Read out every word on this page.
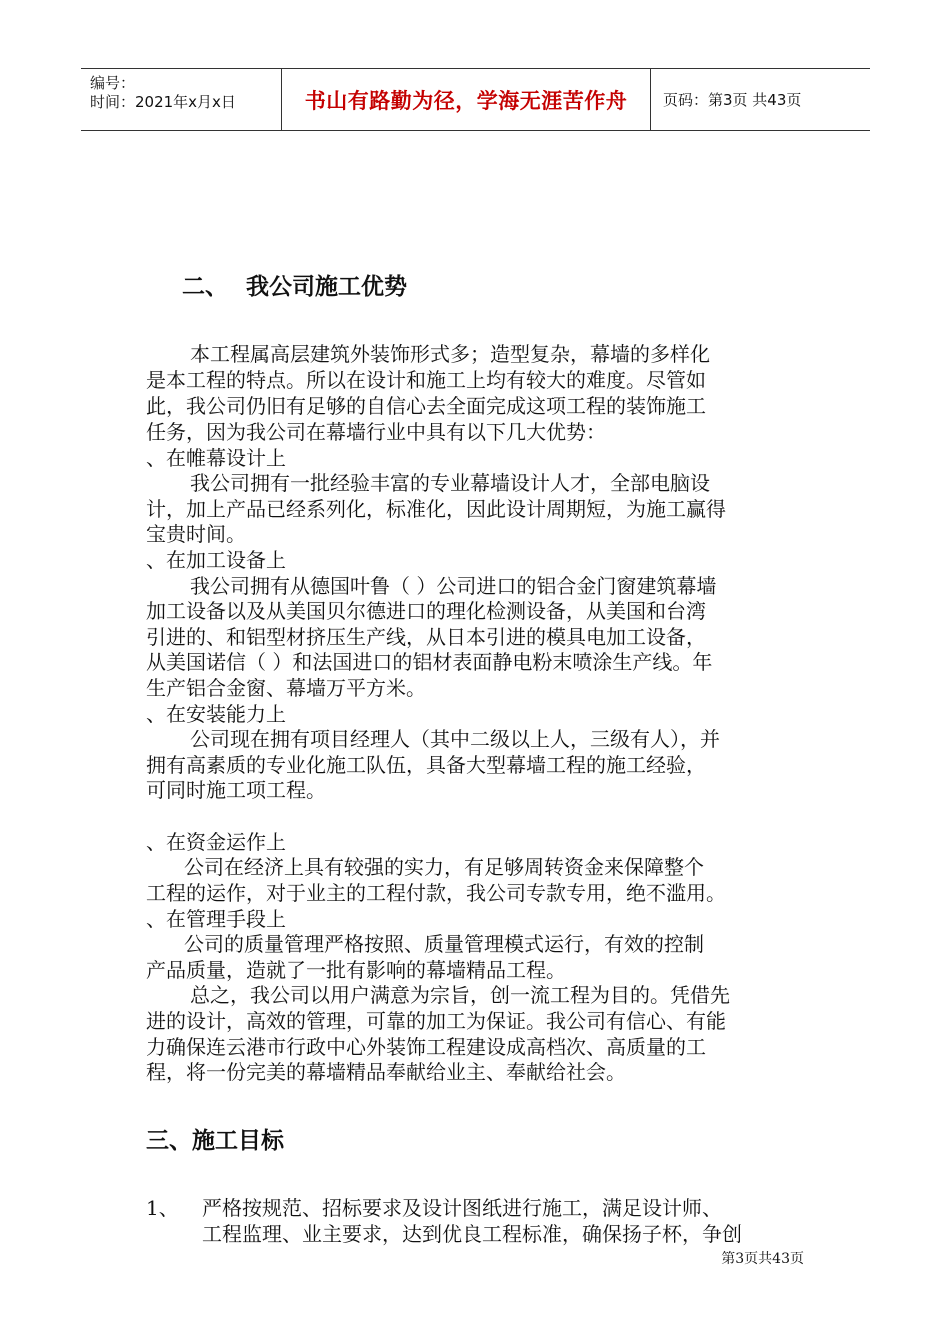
编号：
时间：2021年x月x日	书山有路勤为径，学海无涯苦作舟	页码：第3页 共43页
二、 我公司施工优势
本工程属高层建筑外装饰形式多；造型复杂，幕墙的多样化
是本工程的特点。所以在设计和施工上均有较大的难度。尽管如
此，我公司仍旧有足够的自信心去全面完成这项工程的装饰施工
任务，因为我公司在幕墙行业中具有以下几大优势：
、在帷幕设计上
我公司拥有一批经验丰富的专业幕墙设计人才，全部电脑设
计，加上产品已经系列化，标准化，因此设计周期短，为施工赢得
宝贵时间。
、在加工设备上
我公司拥有从德国叶鲁（ ）公司进口的铝合金门窗建筑幕墙
加工设备以及从美国贝尔德进口的理化检测设备，从美国和台湾
引进的、和铝型材挤压生产线，从日本引进的模具电加工设备，
从美国诺信（ ）和法国进口的铝材表面静电粉末喷涂生产线。年
生产铝合金窗、幕墙万平方米。
、在安装能力上
公司现在拥有项目经理人（其中二级以上人，三级有人），并
拥有高素质的专业化施工队伍，具备大型幕墙工程的施工经验，
可同时施工项工程。
、在资金运作上
公司在经济上具有较强的实力，有足够周转资金来保障整个
工程的运作，对于业主的工程付款，我公司专款专用，绝不滥用。
、在管理手段上
公司的质量管理严格按照、质量管理模式运行，有效的控制
产品质量，造就了一批有影响的幕墙精品工程。
总之，我公司以用户满意为宗旨，创一流工程为目的。凭借先
进的设计，高效的管理，可靠的加工为保证。我公司有信心、有能
力确保连云港市行政中心外装饰工程建设成高档次、高质量的工
程，将一份完美的幕墙精品奉献给业主、奉献给社会。
三、施工目标
1、 严格按规范、招标要求及设计图纸进行施工，满足设计师、
工程监理、业主要求，达到优良工程标准，确保扬子杯，争创
第3页共43页
